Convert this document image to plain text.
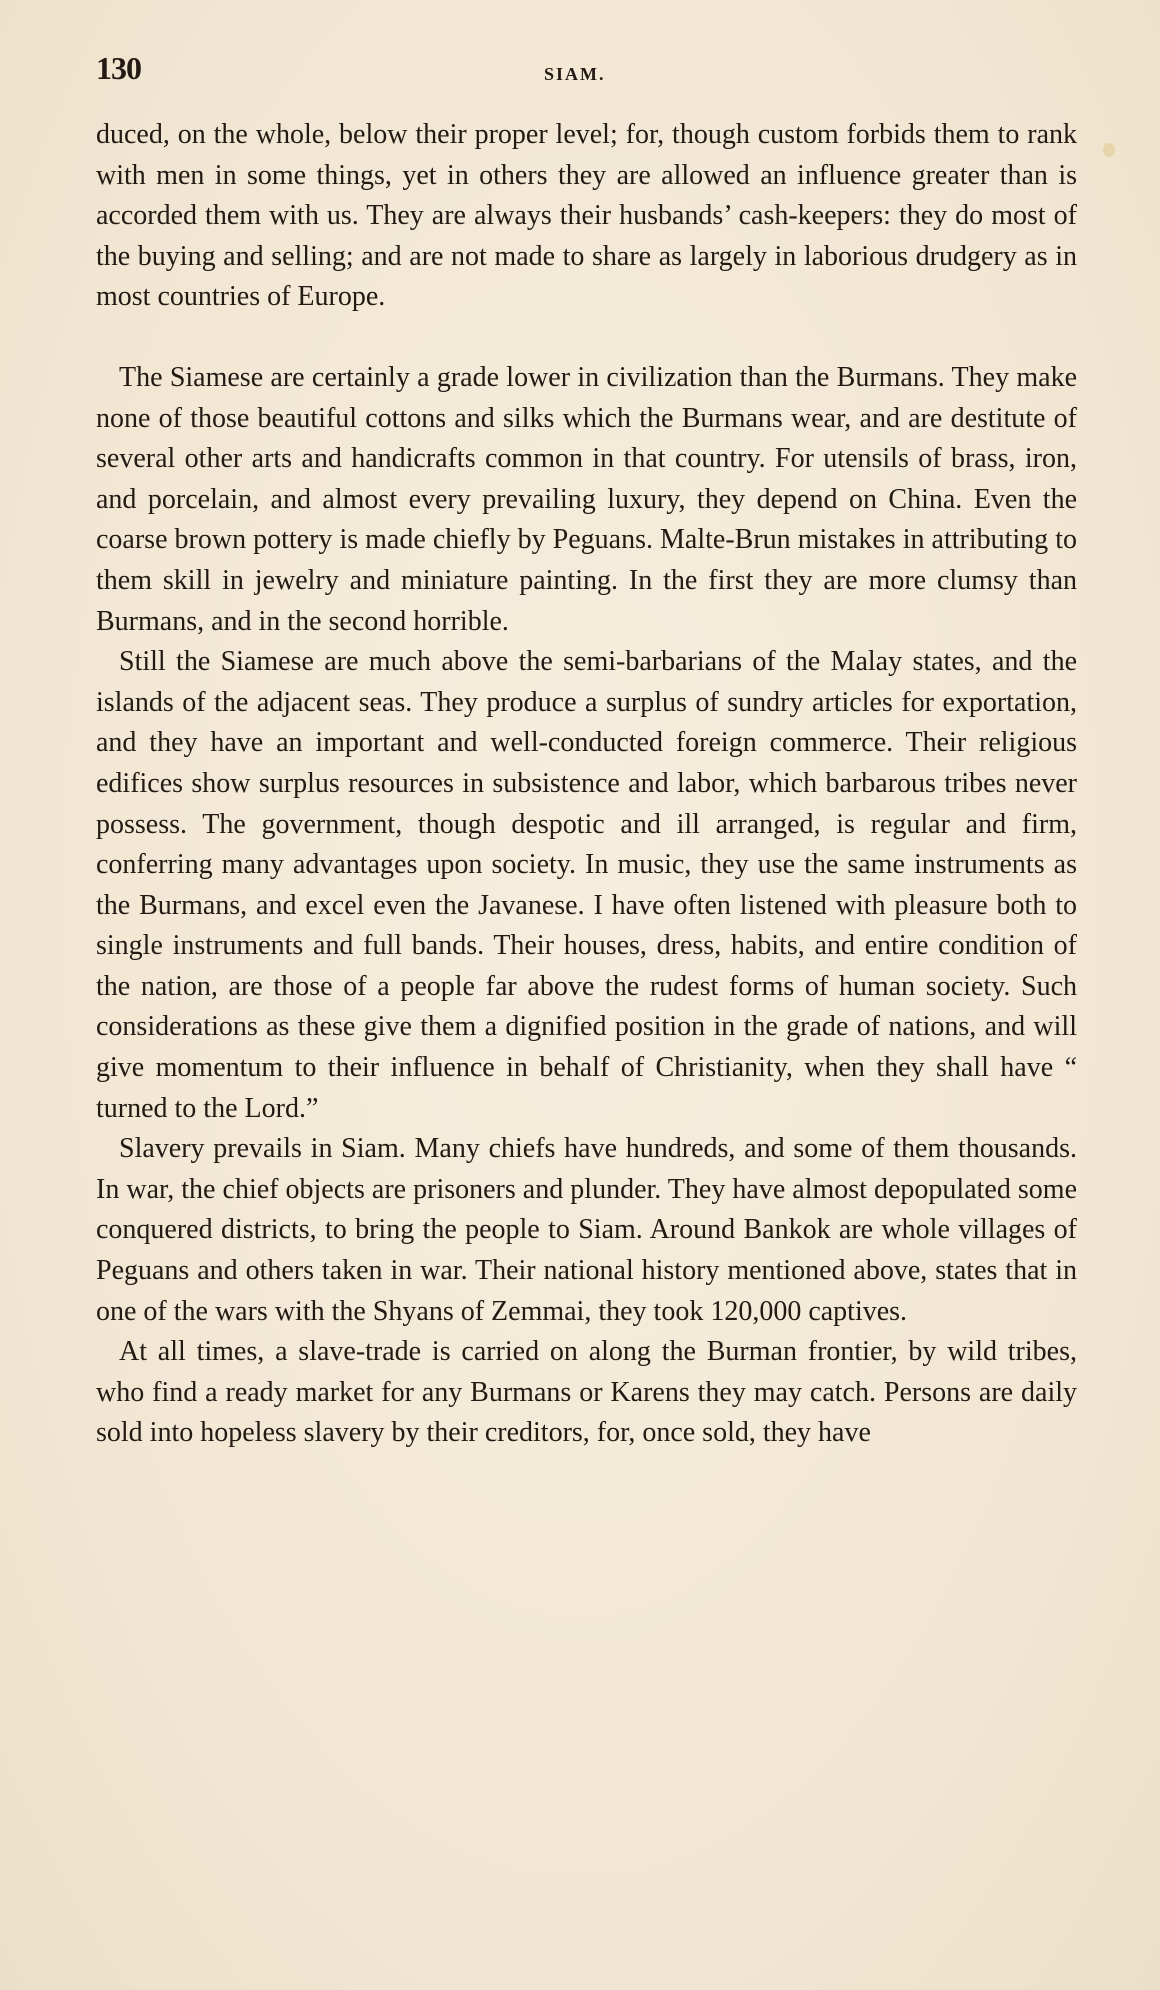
130	SIAM.

duced, on the whole, below their proper level; for, though custom forbids them to rank with men in some things, yet in others they are allowed an influence greater than is accorded them with us. They are always their husbands’ cash-keepers: they do most of the buying and selling; and are not made to share as largely in laborious drudgery as in most countries of Europe.

The Siamese are certainly a grade lower in civilization than the Burmans. They make none of those beautiful cottons and silks which the Burmans wear, and are destitute of several other arts and handicrafts common in that country. For utensils of brass, iron, and porcelain, and almost every prevailing luxury, they depend on China. Even the coarse brown pottery is made chiefly by Peguans. Malte-Brun mistakes in attributing to them skill in jewelry and miniature painting. In the first they are more clumsy than Burmans, and in the second horrible.

Still the Siamese are much above the semi-barbarians of the Malay states, and the islands of the adjacent seas. They produce a surplus of sundry articles for exportation, and they have an important and well-conducted foreign commerce. Their religious edifices show surplus resources in subsistence and labor, which barbarous tribes never possess. The government, though despotic and ill arranged, is regular and firm, conferring many advantages upon society. In music, they use the same instruments as the Burmans, and excel even the Javanese. I have often listened with pleasure both to single instruments and full bands. Their houses, dress, habits, and entire condition of the nation, are those of a people far above the rudest forms of human society. Such considerations as these give them a dignified position in the grade of nations, and will give momentum to their influence in behalf of Christianity, when they shall have “ turned to the Lord.”

Slavery prevails in Siam. Many chiefs have hundreds, and some of them thousands. In war, the chief objects are prisoners and plunder. They have almost depopulated some conquered districts, to bring the people to Siam. Around Bankok are whole villages of Peguans and others taken in war. Their national history mentioned above, states that in one of the wars with the Shyans of Zemmai, they took 120,000 captives.

At all times, a slave-trade is carried on along the Burman frontier, by wild tribes, who find a ready market for any Burmans or Karens they may catch. Persons are daily sold into hopeless slavery by their creditors, for, once sold, they have
